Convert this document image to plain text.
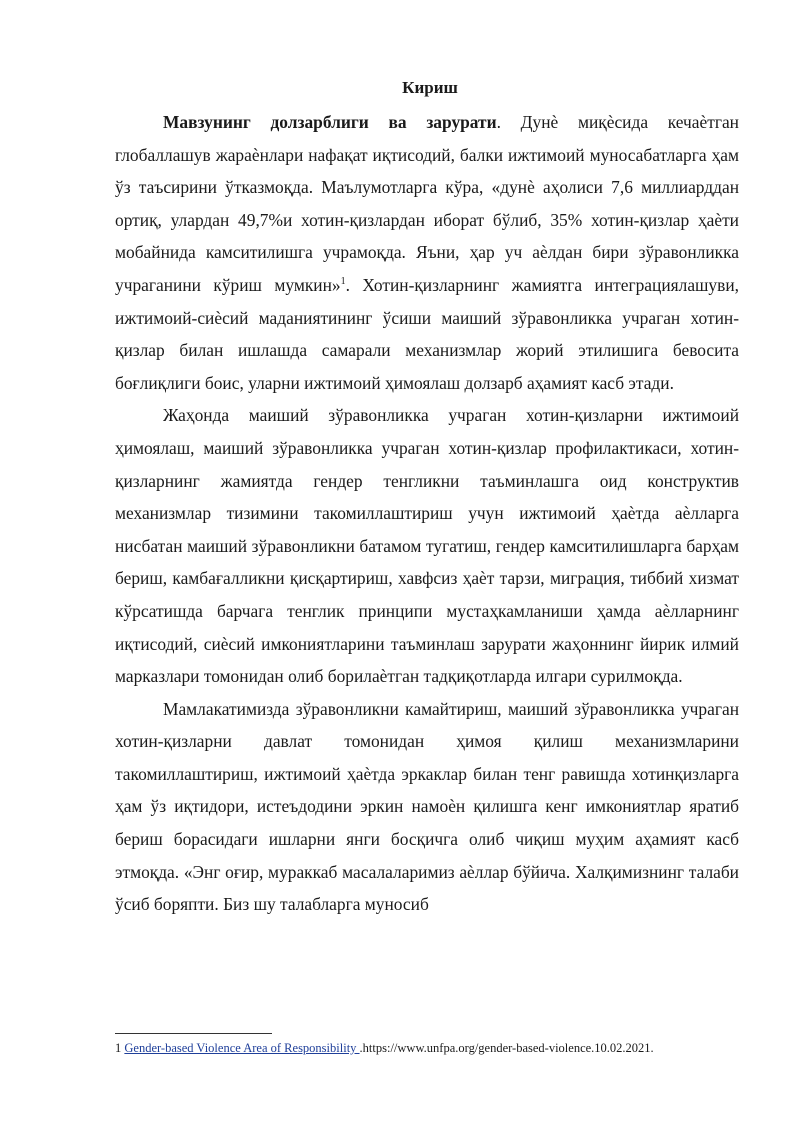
Кириш

Мавзунинг долзарблиги ва зарурати. Дунѐ миқѐсида кечаѐтган глобаллашув жараѐнлари нафақат иқтисодий, балки ижтимоий муносабатларга ҳам ўз таъсирини ўтказмоқда. Маълумотларга кўра, «дунѐ аҳолиси 7,6 миллиарддан ортиқ, улардан 49,7%и хотин-қизлардан иборат бўлиб, 35% хотин-қизлар ҳаѐти мобайнида камситилишга учрамоқда. Яъни, ҳар уч аѐлдан бири зўравонликка учраганини кўриш мумкин»$^1$. Хотин-қизларнинг жамиятга интеграциялашуви, ижтимоий-сиѐсий маданиятининг ўсиши маиший зўравонликка учраган хотин-қизлар билан ишлашда самарали механизмлар жорий этилишига бевосита боғлиқлиги боис, уларни ижтимоий ҳимоялаш долзарб аҳамият касб этади.

Жаҳонда маиший зўравонликка учраган хотин-қизларни ижтимоий ҳимоялаш, маиший зўравонликка учраган хотин-қизлар профилактикаси, хотин-қизларнинг жамиятда гендер тенгликни таъминлашга оид конструктив механизмлар тизимини такомиллаштириш учун ижтимоий ҳаѐтда аѐлларга нисбатан маиший зўравонликни батамом тугатиш, гендер камситилишларга барҳам бериш, камбағалликни қисқартириш, хавфсиз ҳаѐт тарзи, миграция, тиббий хизмат кўрсатишда барчага тенглик принципи мустаҳкамланиши ҳамда аѐлларнинг иқтисодий, сиѐсий имкониятларини таъминлаш зарурати жаҳоннинг йирик илмий марказлари томонидан олиб борилаѐтган тадқиқотларда илгари сурилмоқда.

Мамлакатимизда зўравонликни камайтириш, маиший зўравонликка учраган хотин-қизларни давлат томонидан ҳимоя қилиш механизмларини такомиллаштириш, ижтимоий ҳаѐтда эркаклар билан тенг равишда хотинқизларга ҳам ўз иқтидори, истеъдодини эркин намоѐн қилишга кенг имкониятлар яратиб бериш борасидаги ишларни янги босқичга олиб чиқиш муҳим аҳамият касб этмоқда. «Энг оғир, мураккаб масалаларимиз аѐллар бўйича. Халқимизнинг талаби ўсиб боряпти. Биз шу талабларга муносиб

1 Gender-based Violence Area of Responsibility .https://www.unfpa.org/gender-based-violence.10.02.2021.
